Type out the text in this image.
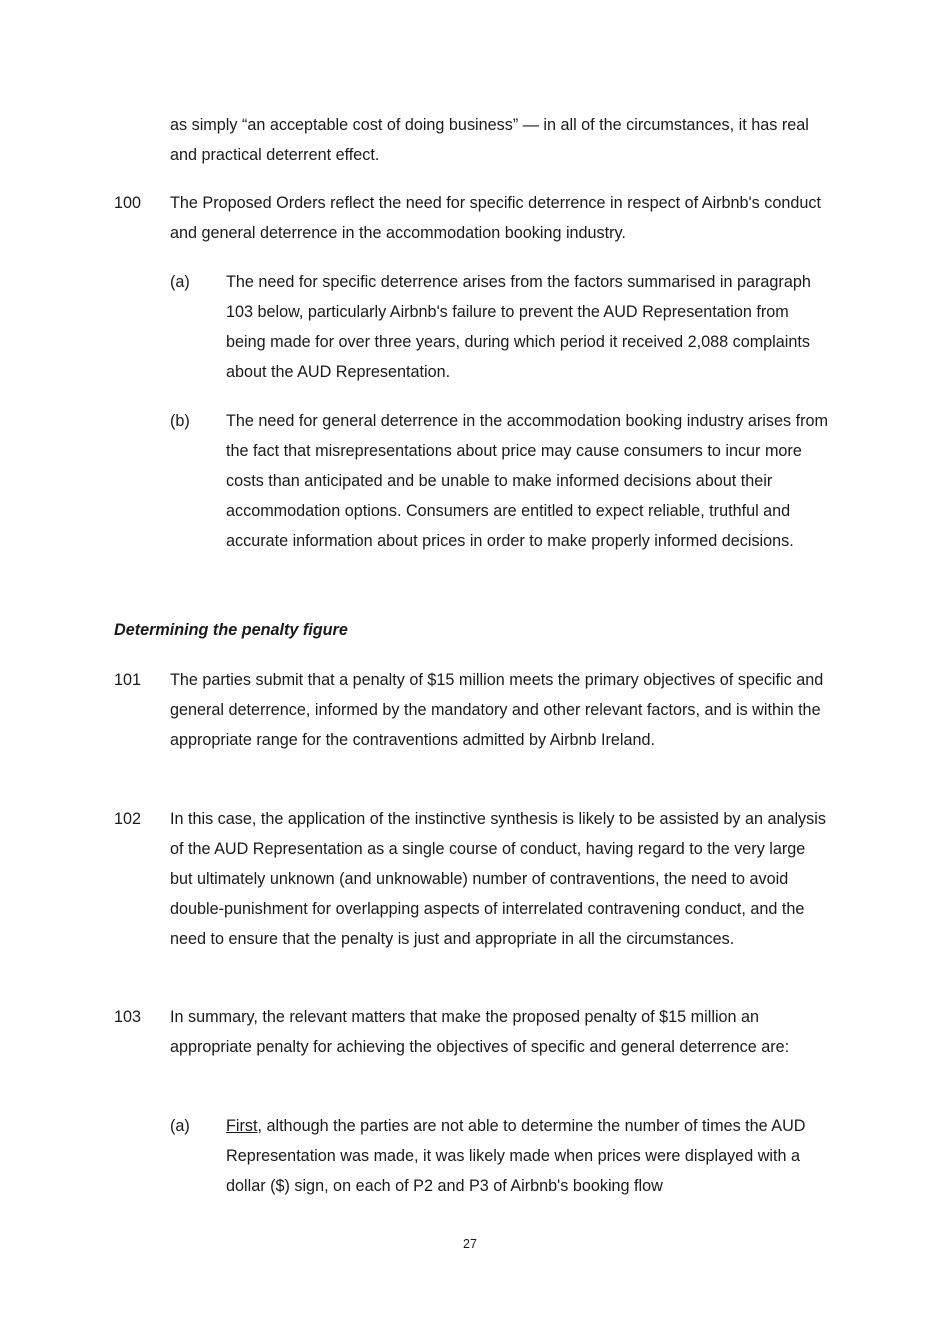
as simply “an acceptable cost of doing business” — in all of the circumstances, it has real and practical deterrent effect.

100 The Proposed Orders reflect the need for specific deterrence in respect of Airbnb's conduct and general deterrence in the accommodation booking industry.

(a) The need for specific deterrence arises from the factors summarised in paragraph 103 below, particularly Airbnb's failure to prevent the AUD Representation from being made for over three years, during which period it received 2,088 complaints about the AUD Representation.

(b) The need for general deterrence in the accommodation booking industry arises from the fact that misrepresentations about price may cause consumers to incur more costs than anticipated and be unable to make informed decisions about their accommodation options. Consumers are entitled to expect reliable, truthful and accurate information about prices in order to make properly informed decisions.

Determining the penalty figure
101 The parties submit that a penalty of $15 million meets the primary objectives of specific and general deterrence, informed by the mandatory and other relevant factors, and is within the appropriate range for the contraventions admitted by Airbnb Ireland.

102 In this case, the application of the instinctive synthesis is likely to be assisted by an analysis of the AUD Representation as a single course of conduct, having regard to the very large but ultimately unknown (and unknowable) number of contraventions, the need to avoid double-punishment for overlapping aspects of interrelated contravening conduct, and the need to ensure that the penalty is just and appropriate in all the circumstances.

103 In summary, the relevant matters that make the proposed penalty of $15 million an appropriate penalty for achieving the objectives of specific and general deterrence are:

(a) First, although the parties are not able to determine the number of times the AUD Representation was made, it was likely made when prices were displayed with a dollar ($) sign, on each of P2 and P3 of Airbnb's booking flow

27
